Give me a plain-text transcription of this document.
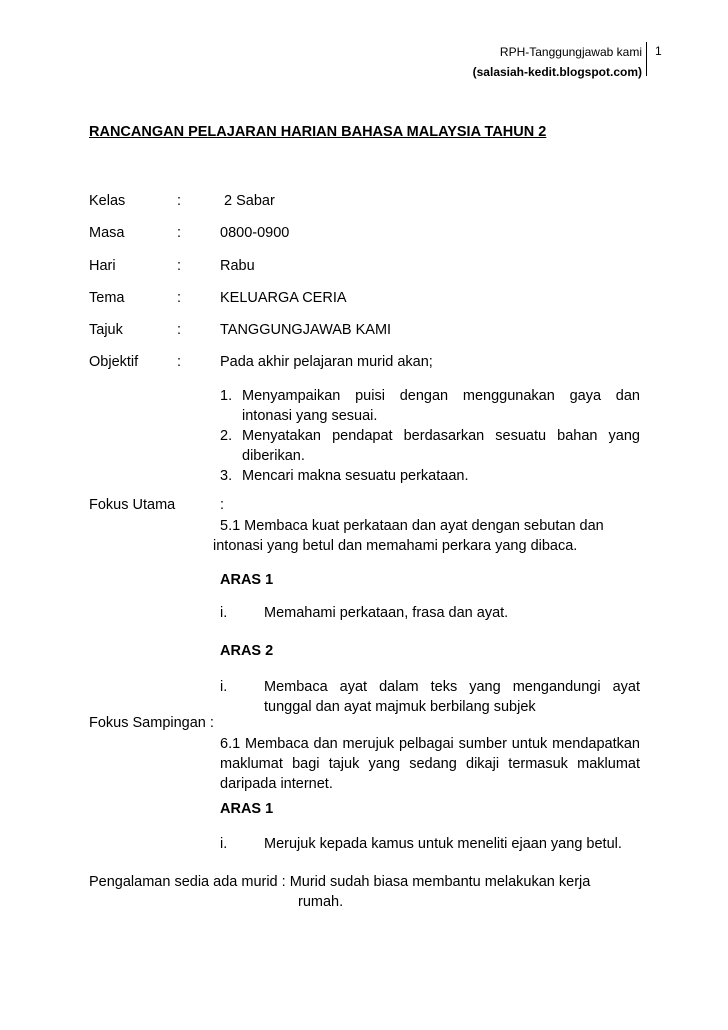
RPH-Tanggungjawab kami
(salasiah-kedit.blogspot.com)
1
RANCANGAN PELAJARAN HARIAN BAHASA MALAYSIA TAHUN 2
Kelas	:	2 Sabar
Masa	:	0800-0900
Hari	:	Rabu
Tema	:	KELUARGA CERIA
Tajuk	:	TANGGUNGJAWAB KAMI
Objektif	:	Pada akhir pelajaran murid akan;
1. Menyampaikan puisi dengan menggunakan gaya dan intonasi yang sesuai.
2. Menyatakan pendapat berdasarkan sesuatu bahan yang diberikan.
3. Mencari makna sesuatu perkataan.
Fokus Utama	:
5.1 Membaca kuat perkataan dan ayat dengan sebutan dan
intonasi yang betul dan memahami perkara yang dibaca.
ARAS 1
i.	Memahami perkataan, frasa dan ayat.
ARAS 2
i.	Membaca ayat dalam teks yang mengandungi ayat tunggal dan ayat majmuk berbilang subjek
Fokus Sampingan :
6.1 Membaca dan merujuk pelbagai sumber untuk mendapatkan maklumat bagi tajuk yang sedang dikaji termasuk maklumat daripada internet.
ARAS 1
i.	Merujuk kepada kamus untuk meneliti ejaan yang betul.
Pengalaman sedia ada murid : Murid sudah biasa membantu melakukan kerja
rumah.
